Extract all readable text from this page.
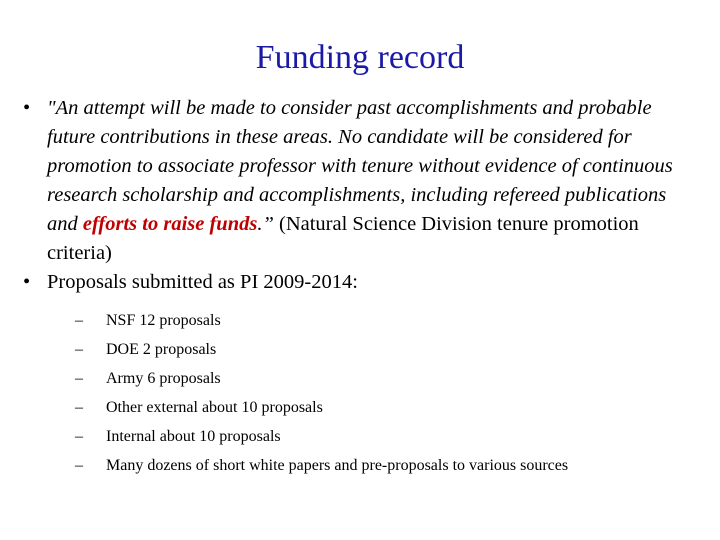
Funding record
• "An attempt will be made to consider past accomplishments and probable future contributions in these areas. No candidate will be considered for promotion to associate professor with tenure without evidence of continuous research scholarship and accomplishments, including refereed publications and efforts to raise funds.” (Natural Science Division tenure promotion criteria)
• Proposals submitted as PI 2009-2014:
– NSF 12 proposals
– DOE 2 proposals
– Army 6 proposals
– Other external about 10 proposals
– Internal about 10 proposals
– Many dozens of short white papers and pre-proposals to various sources
